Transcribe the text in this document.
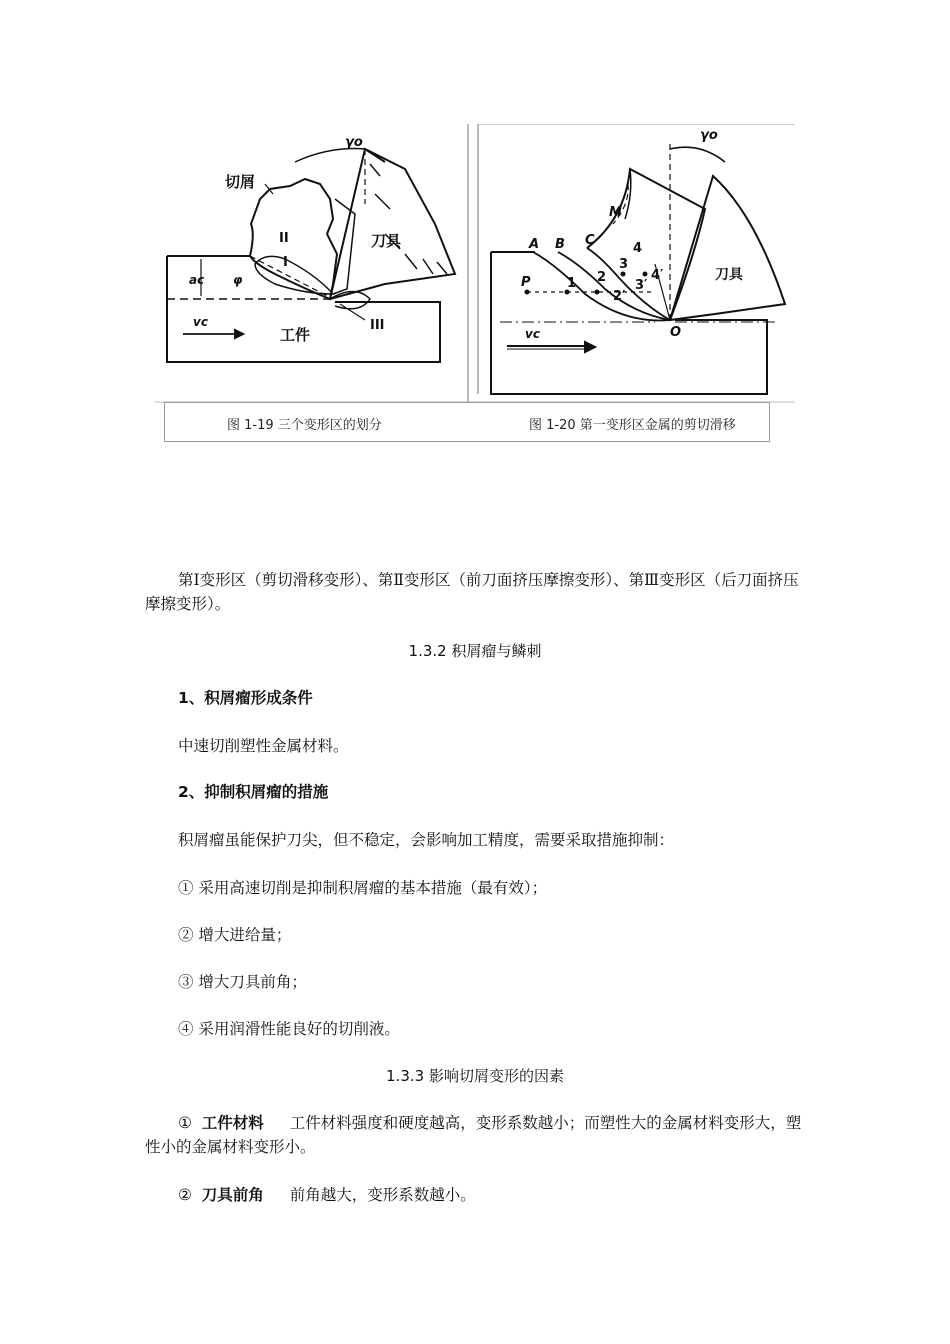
切屑
刀具
工件
I
II
III
γo
ac φ
vc
A B C
M
P
O
1 2
3
4
2′
3′
4′
γo
vc
刀具
图 1-19 三个变形区的划分	图 1-20 第一变形区金属的剪切滑移
第Ⅰ变形区（剪切滑移变形）、第Ⅱ变形区（前刀面挤压摩擦变形）、第Ⅲ变形区（后刀面挤压摩擦变形）。
1.3.2 积屑瘤与鳞刺
1、积屑瘤形成条件
中速切削塑性金属材料。
2、抑制积屑瘤的措施
积屑瘤虽能保护刀尖，但不稳定，会影响加工精度，需要采取措施抑制：
① 采用高速切削是抑制积屑瘤的基本措施（最有效）；
② 增大进给量；
③ 增大刀具前角；
④ 采用润滑性能良好的切削液。
1.3.3 影响切屑变形的因素
① 工件材料 工件材料强度和硬度越高，变形系数越小；而塑性大的金属材料变形大，塑性小的金属材料变形小。
② 刀具前角 前角越大，变形系数越小。
